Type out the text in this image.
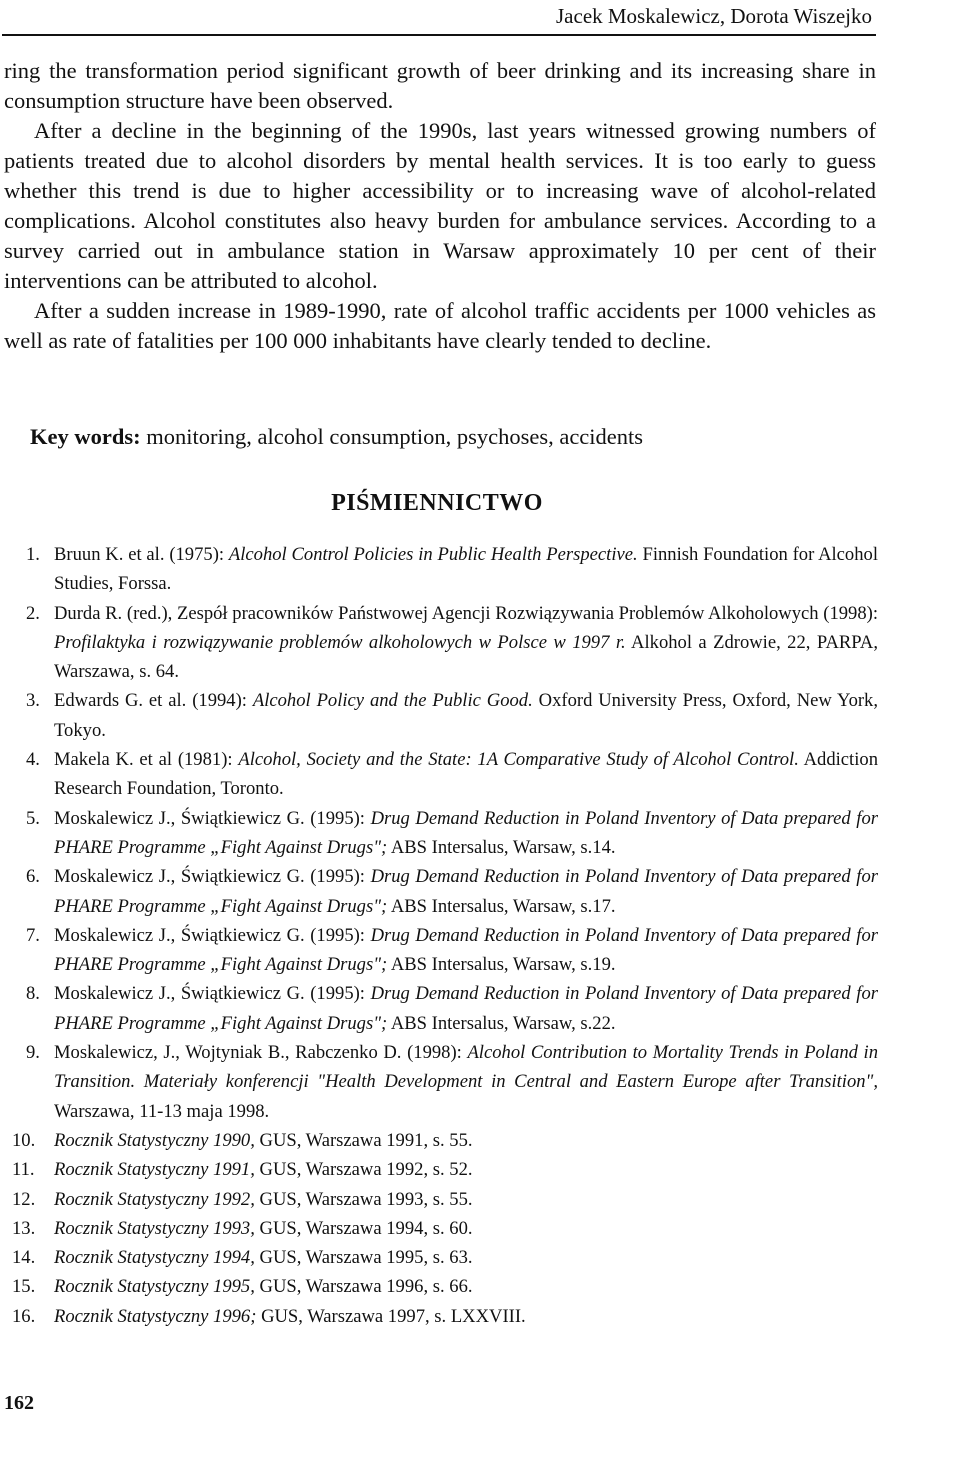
Jacek Moskalewicz, Dorota Wiszejko

ring the transformation period significant growth of beer drinking and its increasing share in consumption structure have been observed.

After a decline in the beginning of the 1990s, last years witnessed growing numbers of patients treated due to alcohol disorders by mental health services. It is too early to guess whether this trend is due to higher accessibility or to increasing wave of alcohol-related complications. Alcohol constitutes also heavy burden for ambulance services. According to a survey carried out in ambulance station in Warsaw approximately 10 per cent of their interventions can be attributed to alcohol.

After a sudden increase in 1989-1990, rate of alcohol traffic accidents per 1000 vehicles as well as rate of fatalities per 100 000 inhabitants have clearly tended to decline.

Key words: monitoring, alcohol consumption, psychoses, accidents
PIŚMIENNICTWO
1. Bruun K. et al. (1975): Alcohol Control Policies in Public Health Perspective. Finnish Foundation for Alcohol Studies, Forssa.
2. Durda R. (red.), Zespół pracowników Państwowej Agencji Rozwiązywania Problemów Alkoholowych (1998): Profilaktyka i rozwiązywanie problemów alkoholowych w Polsce w 1997 r. Alkohol a Zdrowie, 22, PARPA, Warszawa, s. 64.
3. Edwards G. et al. (1994): Alcohol Policy and the Public Good. Oxford University Press, Oxford, New York, Tokyo.
4. Makela K. et al (1981): Alcohol, Society and the State: 1A Comparative Study of Alcohol Control. Addiction Research Foundation, Toronto.
5. Moskalewicz J., Świątkiewicz G. (1995): Drug Demand Reduction in Poland Inventory of Data prepared for PHARE Programme „Fight Against Drugs"; ABS Intersalus, Warsaw, s.14.
6. Moskalewicz J., Świątkiewicz G. (1995): Drug Demand Reduction in Poland Inventory of Data prepared for PHARE Programme „Fight Against Drugs"; ABS Intersalus, Warsaw, s.17.
7. Moskalewicz J., Świątkiewicz G. (1995): Drug Demand Reduction in Poland Inventory of Data prepared for PHARE Programme „Fight Against Drugs"; ABS Intersalus, Warsaw, s.19.
8. Moskalewicz J., Świątkiewicz G. (1995): Drug Demand Reduction in Poland Inventory of Data prepared for PHARE Programme „Fight Against Drugs"; ABS Intersalus, Warsaw, s.22.
9. Moskalewicz, J., Wojtyniak B., Rabczenko D. (1998): Alcohol Contribution to Mortality Trends in Poland in Transition. Materiały konferencji "Health Development in Central and Eastern Europe after Transition", Warszawa, 11-13 maja 1998.
10.	Rocznik Statystyczny 1990, GUS, Warszawa 1991, s. 55.
11.	Rocznik Statystyczny 1991, GUS, Warszawa 1992, s. 52.
12.	Rocznik Statystyczny 1992, GUS, Warszawa 1993, s. 55.
13.	Rocznik Statystyczny 1993, GUS, Warszawa 1994, s. 60.
14.	Rocznik Statystyczny 1994, GUS, Warszawa 1995, s. 63.
15.	Rocznik Statystyczny 1995, GUS, Warszawa 1996, s. 66.
16.	Rocznik Statystyczny 1996; GUS, Warszawa 1997, s. LXXVIII.
162
